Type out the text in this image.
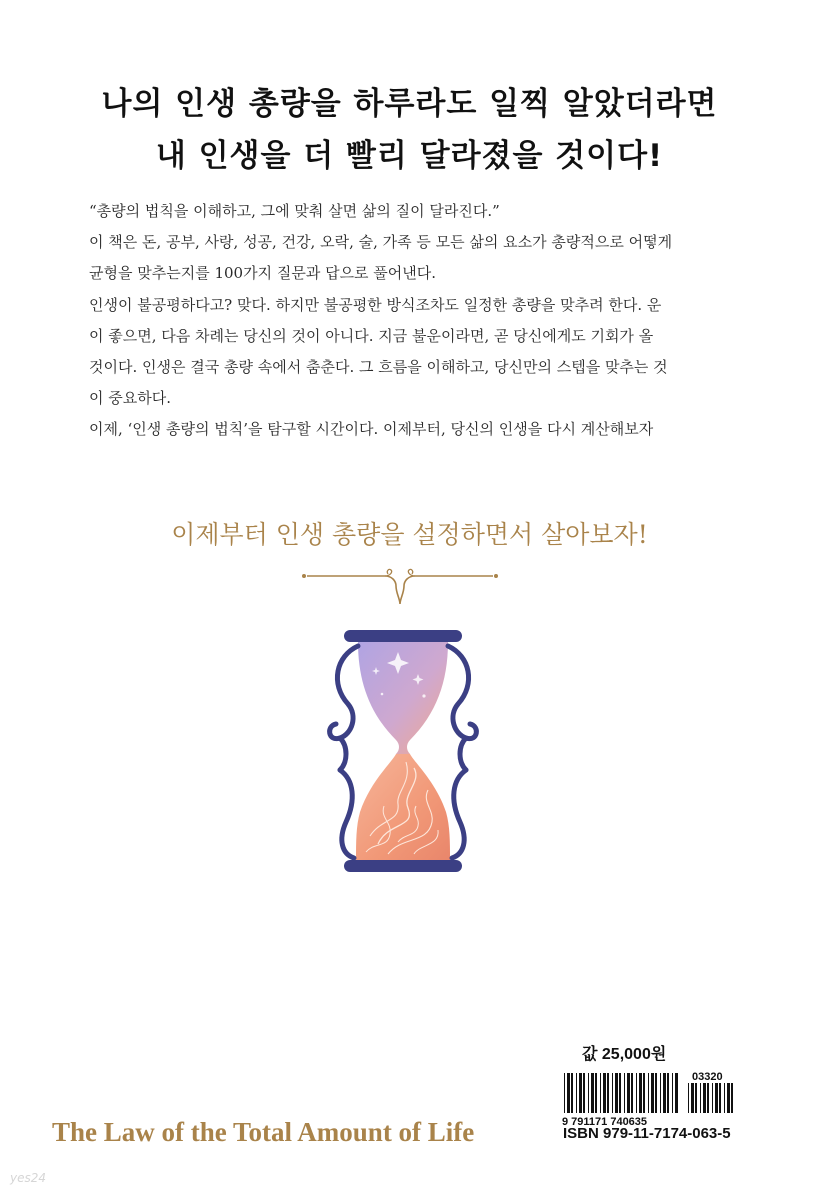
나의 인생 총량을 하루라도 일찍 알았더라면
내 인생을 더 빨리 달라졌을 것이다!

“총량의 법칙을 이해하고, 그에 맞춰 살면 삶의 질이 달라진다.”

이 책은 돈, 공부, 사랑, 성공, 건강, 오락, 술, 가족 등 모든 삶의 요소가 총량적으로 어떻게

균형을 맞추는지를 100가지 질문과 답으로 풀어낸다.

인생이 불공평하다고? 맞다. 하지만 불공평한 방식조차도 일정한 총량을 맞추려 한다. 운

이 좋으면, 다음 차례는 당신의 것이 아니다. 지금 불운이라면, 곧 당신에게도 기회가 올

것이다. 인생은 결국 총량 속에서 춤춘다. 그 흐름을 이해하고, 당신만의 스텝을 맞추는 것

이 중요하다.

이제, ‘인생 총량의 법칙’을 탐구할 시간이다. 이제부터, 당신의 인생을 다시 계산해보자

이제부터 인생 총량을 설정하면서 살아보자!
값 25,000원
03320
9 791171 740635
ISBN 979-11-7174-063-5
The Law of the Total Amount of Life
yes24
